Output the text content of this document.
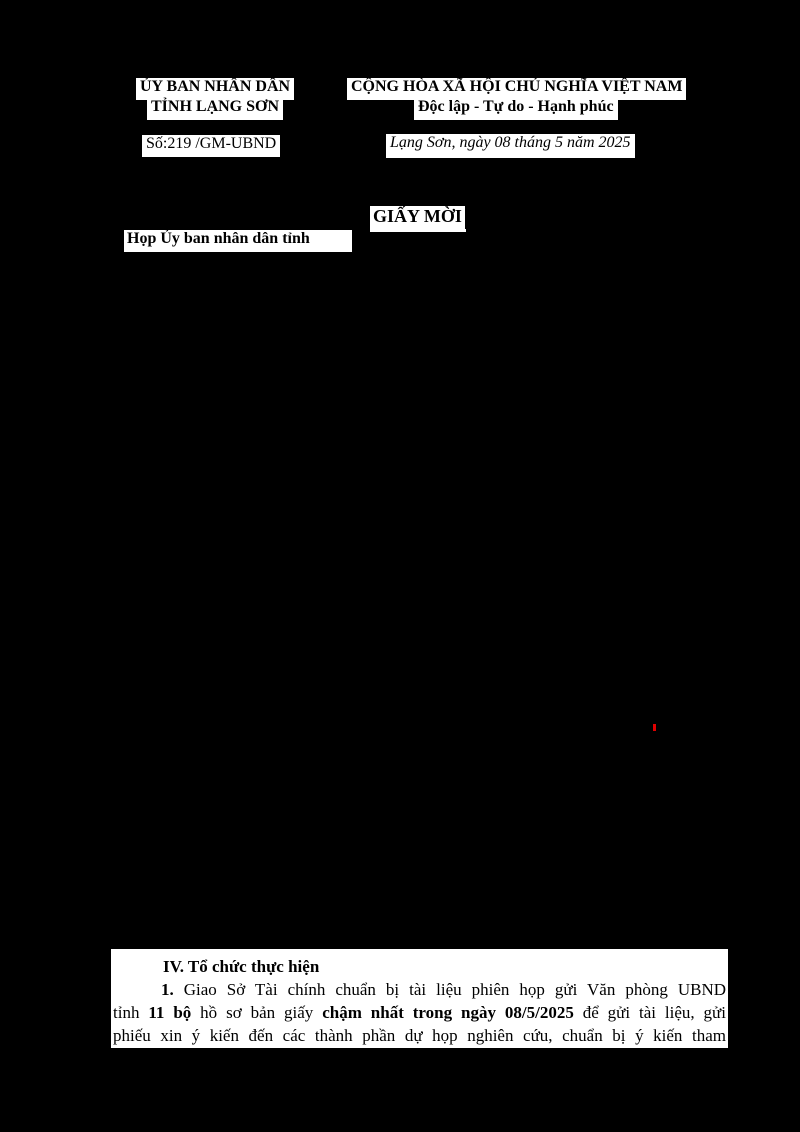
ỦY BAN NHÂN DÂN
TỈNH LẠNG SƠN
Số:219 /GM-UBND
CỘNG HÒA XÃ HỘI CHỦ NGHĨA VIỆT NAM
Độc lập - Tự do - Hạnh phúc
Lạng Sơn, ngày 08 tháng 5 năm 2025
GIẤY MỜI
Họp Ủy ban nhân dân tỉnh

IV. Tổ chức thực hiện

1. Giao Sở Tài chính chuẩn bị tài liệu phiên họp gửi Văn phòng UBND

tỉnh 11 bộ hồ sơ bản giấy chậm nhất trong ngày 08/5/2025 để gửi tài liệu, gửi

phiếu xin ý kiến đến các thành phần dự họp nghiên cứu, chuẩn bị ý kiến tham
